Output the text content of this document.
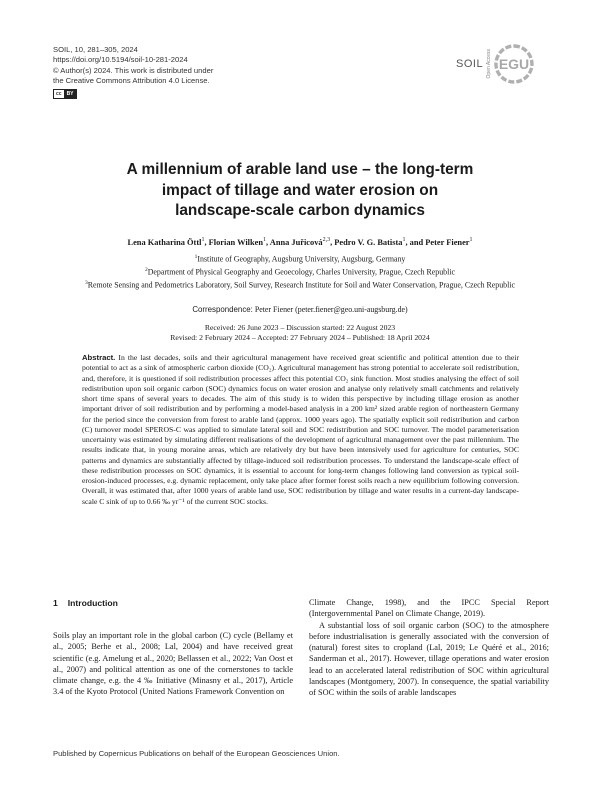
SOIL, 10, 281–305, 2024
https://doi.org/10.5194/soil-10-281-2024
© Author(s) 2024. This work is distributed under
the Creative Commons Attribution 4.0 License.
cc	BY
SOIL Open Access EGU
A millennium of arable land use – the long-term
impact of tillage and water erosion on
landscape-scale carbon dynamics
Lena Katharina Öttl$^1$, Florian Wilken$^1$, Anna Juřicová$^{2,3}$, Pedro V. G. Batista$^1$, and Peter Fiener$^1$
$^1$Institute of Geography, Augsburg University, Augsburg, Germany
$^2$Department of Physical Geography and Geoecology, Charles University, Prague, Czech Republic
$^3$Remote Sensing and Pedometrics Laboratory, Soil Survey, Research Institute for Soil and Water Conservation, Prague, Czech Republic
Correspondence: Peter Fiener (peter.fiener@geo.uni-augsburg.de)
Received: 26 June 2023 – Discussion started: 22 August 2023
Revised: 2 February 2024 – Accepted: 27 February 2024 – Published: 18 April 2024
Abstract. In the last decades, soils and their agricultural management have received great scientific and political attention due to their potential to act as a sink of atmospheric carbon dioxide (CO₂). Agricultural management has strong potential to accelerate soil redistribution, and, therefore, it is questioned if soil redistribution processes affect this potential CO₂ sink function. Most studies analysing the effect of soil redistribution upon soil organic carbon (SOC) dynamics focus on water erosion and analyse only relatively small catchments and relatively short time spans of several years to decades. The aim of this study is to widen this perspective by including tillage erosion as another important driver of soil redistribution and by performing a model-based analysis in a 200 km² sized arable region of northeastern Germany for the period since the conversion from forest to arable land (approx. 1000 years ago). The spatially explicit soil redistribution and carbon (C) turnover model SPEROS-C was applied to simulate lateral soil and SOC redistribution and SOC turnover. The model parameterisation uncertainty was estimated by simulating different realisations of the development of agricultural management over the past millennium. The results indicate that, in young moraine areas, which are relatively dry but have been intensively used for agriculture for centuries, SOC patterns and dynamics are substantially affected by tillage-induced soil redistribution processes. To understand the landscape-scale effect of these redistribution processes on SOC dynamics, it is essential to account for long-term changes following land conversion as typical soil-erosion-induced processes, e.g. dynamic replacement, only take place after former forest soils reach a new equilibrium following conversion. Overall, it was estimated that, after 1000 years of arable land use, SOC redistribution by tillage and water results in a current-day landscape-scale C sink of up to 0.66 ‰ yr⁻¹ of the current SOC stocks.
1 Introduction

Soils play an important role in the global carbon (C) cycle (Bellamy et al., 2005; Berhe et al., 2008; Lal, 2004) and have received great scientific (e.g. Amelung et al., 2020; Bellassen et al., 2022; Van Oost et al., 2007) and political attention as one of the cornerstones to tackle climate change, e.g. the 4 ‰ Initiative (Minasny et al., 2017), Article 3.4 of the Kyoto Protocol (United Nations Framework Convention on

Climate Change, 1998), and the IPCC Special Report (Intergovernmental Panel on Climate Change, 2019).

A substantial loss of soil organic carbon (SOC) to the atmosphere before industrialisation is generally associated with the conversion of (natural) forest sites to cropland (Lal, 2019; Le Quéré et al., 2016; Sanderman et al., 2017). However, tillage operations and water erosion lead to an accelerated lateral redistribution of SOC within agricultural landscapes (Montgomery, 2007). In consequence, the spatial variability of SOC within the soils of arable landscapes

Published by Copernicus Publications on behalf of the European Geosciences Union.
